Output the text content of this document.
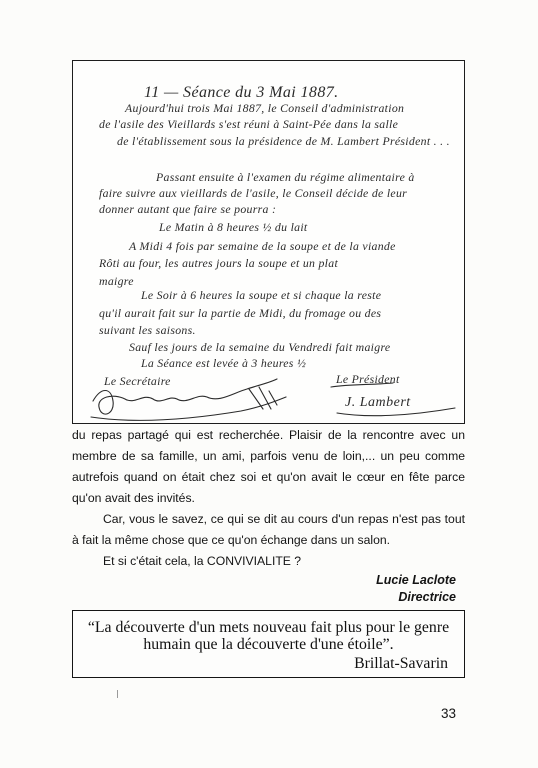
11 — Séance du 3 Mai 1887.
Aujourd'hui trois Mai 1887, le Conseil d'administration
de l'asile des Vieillards s'est réuni à Saint-Pée dans la salle
de l'établissement sous la présidence de M. Lambert Président . . .
Passant ensuite à l'examen du régime alimentaire à
faire suivre aux vieillards de l'asile, le Conseil décide de leur
donner autant que faire se pourra :
Le Matin à 8 heures ½ du lait
A Midi 4 fois par semaine de la soupe et de la viande
Rôti au four, les autres jours la soupe et un plat
maigre
Le Soir à 6 heures la soupe et si chaque la reste
qu'il aurait fait sur la partie de Midi, du fromage ou des
suivant les saisons.
Sauf les jours de la semaine du Vendredi fait maigre
La Séance est levée à 3 heures ½
Le Secrétaire	Le Président
J. Lambert
du repas partagé qui est recherchée. Plaisir de la rencontre avec un
membre de sa famille, un ami, parfois venu de loin,... un peu comme
autrefois quand on était chez soi et qu'on avait le cœur en fête parce
qu'on avait des invités.
Car, vous le savez, ce qui se dit au cours d'un repas n'est pas tout
à fait la même chose que ce qu'on échange dans un salon.
Et si c'était cela, la CONVIVIALITE ?
Lucie Laclote
Directrice
“La découverte d'un mets nouveau fait plus pour le genre
humain que la découverte d'une étoile”.
Brillat-Savarin
33
